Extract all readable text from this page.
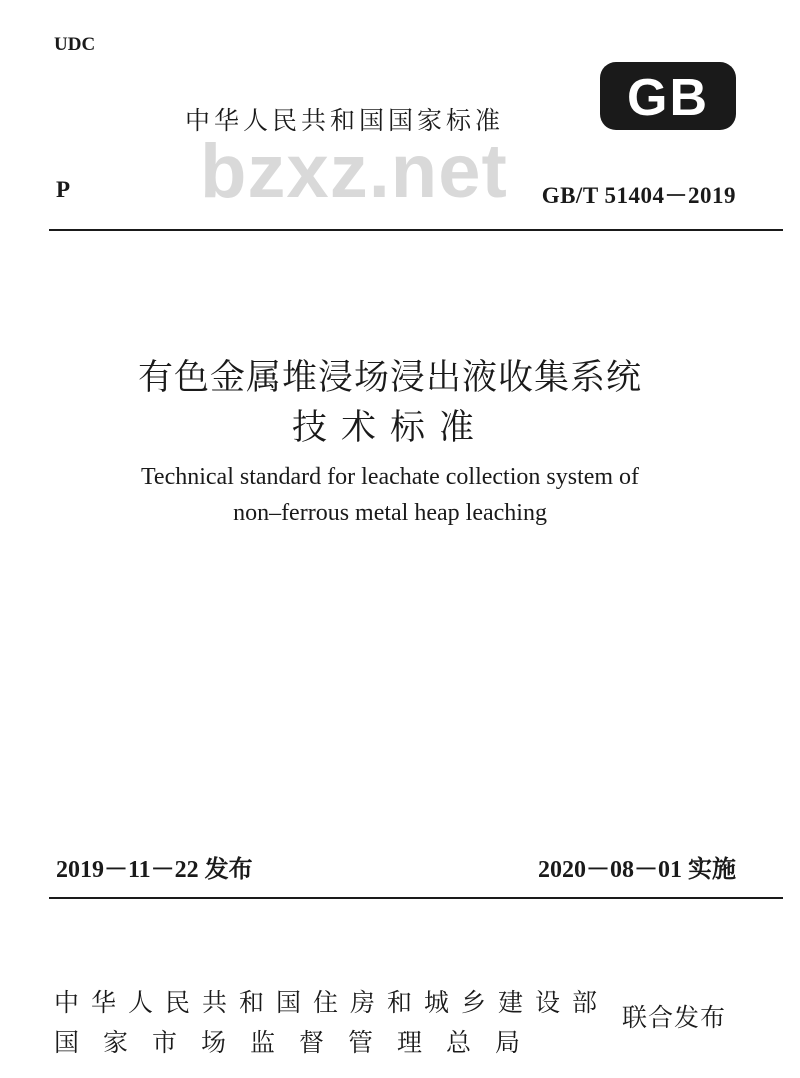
UDC
GB
中华人民共和国国家标准
bzxz.net
P	GB/T 51404－2019
有色金属堆浸场浸出液收集系统
技术标准
Technical standard for leachate collection system of
non–ferrous metal heap leaching
2019－11－22 发布	2020－08－01 实施
中华人民共和国住房和城乡建设部
国家市场监督管理总局
联合发布
